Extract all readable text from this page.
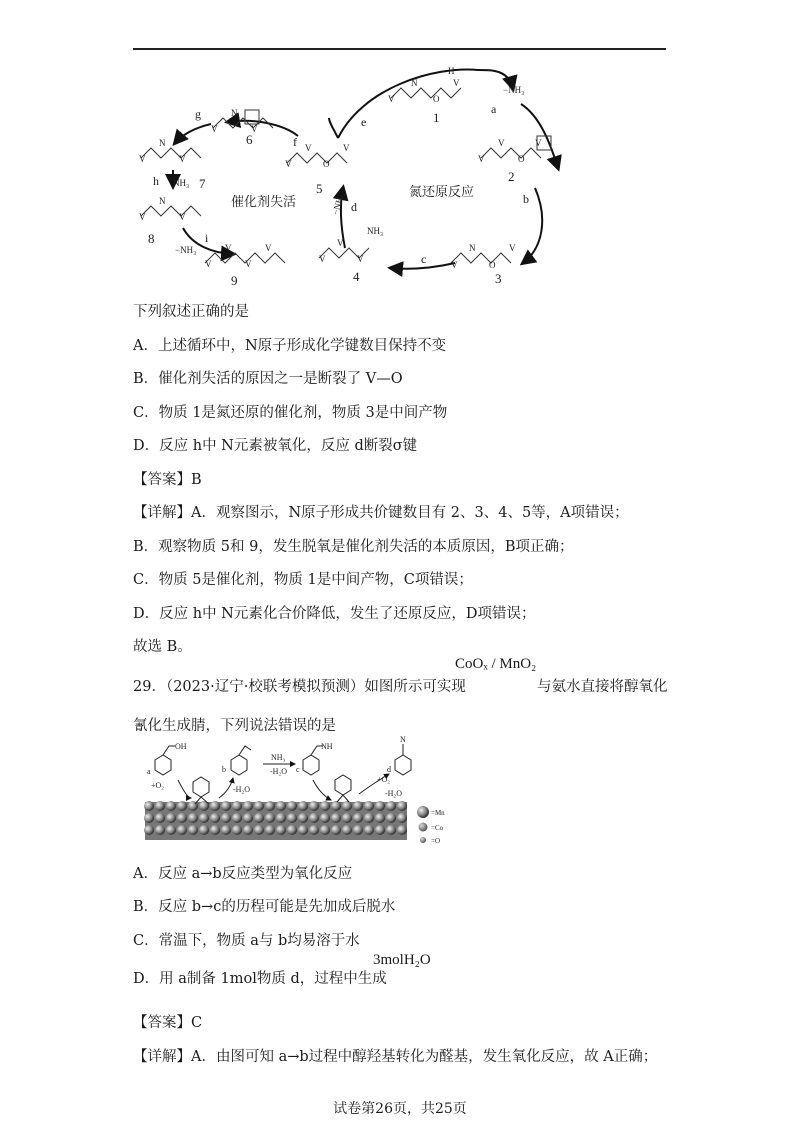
V
N
O
V
V
V
O
V
V
N
O
V
V
V
V
V
V
O
V
V
N
V
V
N
V
V
N
V
V
V
V
V
1
2
3
4
5
6
7
8
9
a
b
c
d
e
f
g
h
i
−NH₃
−NH₃
−NH₃
NH₃
NH₃
H
催化剂失活
氮还原反应
下列叙述正确的是
A．上述循环中，N原子形成化学键数目保持不变
B．催化剂失活的原因之一是断裂了 V—O
C．物质 1是氮还原的催化剂，物质 3是中间产物
D．反应 h中 N元素被氧化，反应 d断裂σ键
【答案】B
【详解】A．观察图示，N原子形成共价键数目有 2、3、4、5等，A项错误；
B．观察物质 5和 9，发生脱氧是催化剂失活的本质原因，B项正确；
C．物质 5是催化剂，物质 1是中间产物，C项错误；
D．反应 h中 N元素化合价降低，发生了还原反应，D项错误；
故选 B。
29．（2023·辽宁·校联考模拟预测）如图所示可实现
CoOₓ / MnO₂
与氨水直接将醇氧化
氰化生成腈，下列说法错误的是
a
OH
b	c
NH
d
N
NH₃
-H₂O
+O₂	-H₂O
+O₂
-H₂O
=Mn
=Co
=O
A．反应 a→b反应类型为氧化反应
B．反应 b→c的历程可能是先加成后脱水
C．常温下，物质 a与 b均易溶于水
D．用 a制备 1mol物质 d，过程中生成
3molH₂O
【答案】C
【详解】A．由图可知 a→b过程中醇羟基转化为醛基，发生氧化反应，故 A正确；
试卷第26页，共25页
